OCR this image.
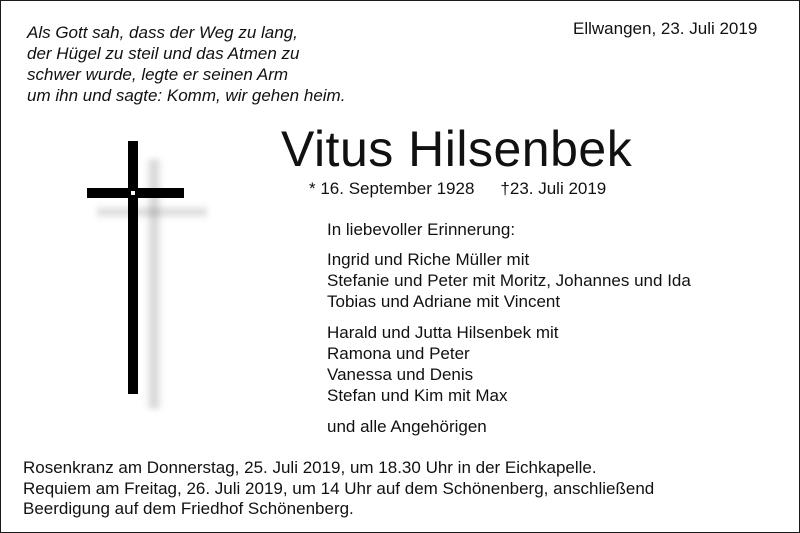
Als Gott sah, dass der Weg zu lang,
der Hügel zu steil und das Atmen zu
schwer wurde, legte er seinen Arm
um ihn und sagte: Komm, wir gehen heim.
Ellwangen, 23. Juli 2019
Vitus Hilsenbek
* 16. September 1928 †23. Juli 2019
In liebevoller Erinnerung:
Ingrid und Riche Müller mit
Stefanie und Peter mit Moritz, Johannes und Ida
Tobias und Adriane mit Vincent
Harald und Jutta Hilsenbek mit
Ramona und Peter
Vanessa und Denis
Stefan und Kim mit Max
und alle Angehörigen
Rosenkranz am Donnerstag, 25. Juli 2019, um 18.30 Uhr in der Eichkapelle.
Requiem am Freitag, 26. Juli 2019, um 14 Uhr auf dem Schönenberg, anschließend
Beerdigung auf dem Friedhof Schönenberg.
